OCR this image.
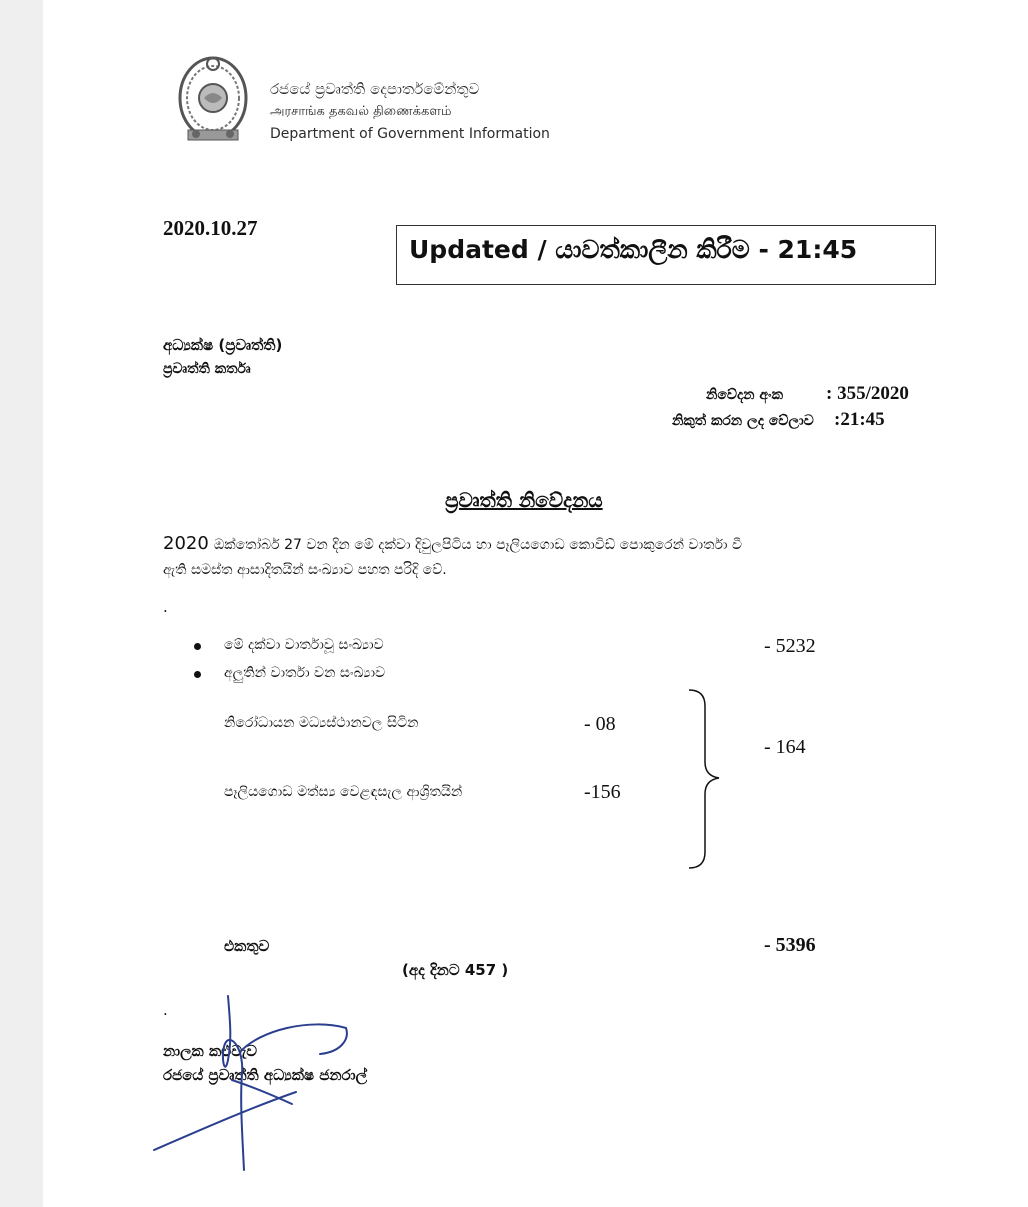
රජයේ ප්‍රවෘත්ති දෙපාර්තමේන්තුව
அரசாங்க தகவல் திணைக்களம்
Department of Government Information
2020.10.27
Updated / යාවත්කාලීන කිරීම - 21:45
අධ්‍යක්ෂ (ප්‍රවෘත්ති)
ප්‍රවෘත්ති කර්තෘ
නිවේදන අංක : 355/2020
නිකුත් කරන ලද වේලාව :21:45
ප්‍රවෘත්ති නිවේදනය
2020 ඔක්තෝබර් 27 වන දින මේ දක්වා දිවුලපිටිය හා පෑලියගොඩ කොවිඩ් පොකුරෙන් වාර්තා වී
ඇති සමස්ත ආසාදිතයින් සංඛ්‍යාව පහත පරිදි වේ.
.
මේ දක්වා වාර්තාවූ සංඛ්‍යාව	- 5232
අලුතින් වාර්තා වන සංඛ්‍යාව
නිරෝධායන මධ්‍යස්ථානවල සිටින	- 08
පෑලියගොඩ මත්ස්‍ය වෙළඳසැල ආශ්‍රිතයින්	-156
- 164
එකතුව	- 5396
(අද දිනට 457 )
.
නාලක කළුවැව
රජයේ ප්‍රවෘත්ති අධ්‍යක්ෂ ජනරාල්
